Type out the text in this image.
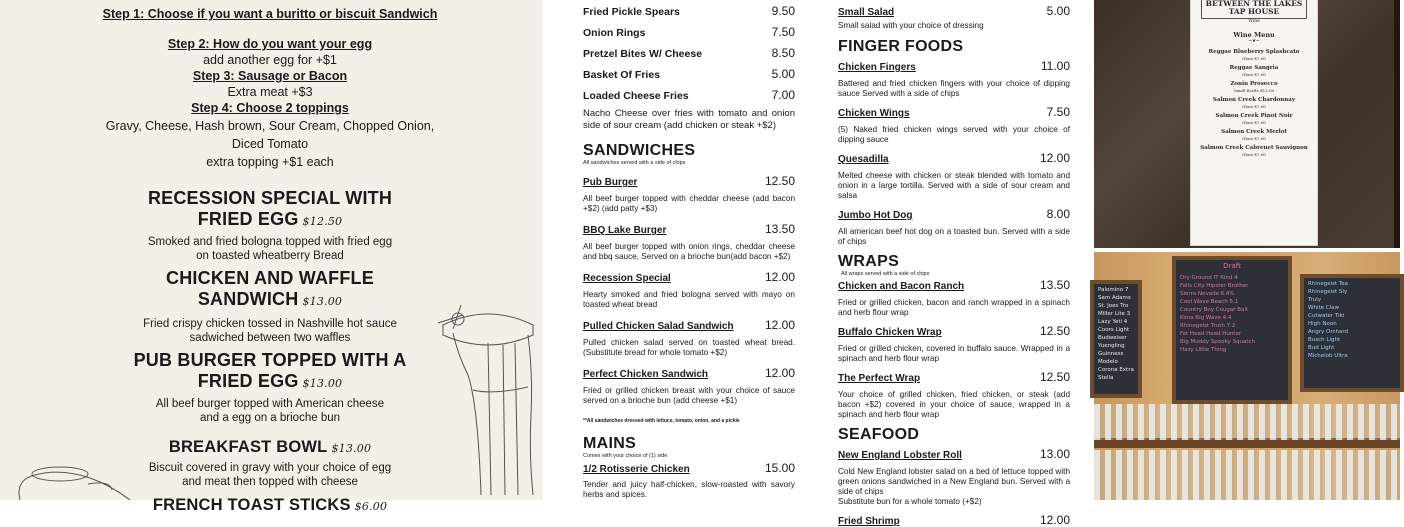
Step 1: Choose if you want a buritto or biscuit Sandwich
Step 2: How do you want your egg
add another egg for +$1
Step 3: Sausage or Bacon
Extra meat +$3
Step 4: Choose 2 toppings
Gravy, Cheese, Hash brown, Sour Cream, Chopped Onion,
Diced Tomato
extra topping +$1 each
RECESSION SPECIAL WITH
FRIED EGG $12.50
Smoked and fried bologna topped with fried egg
on toasted wheatberry Bread
CHICKEN AND WAFFLE
SANDWICH $13.00
Fried crispy chicken tossed in Nashville hot sauce
sadwiched between two waffles
PUB BURGER TOPPED WITH A
FRIED EGG $13.00
All beef burger topped with American cheese
and a egg on a brioche bun
BREAKFAST BOWL $13.00
Biscuit covered in gravy with your choice of egg
and meat then topped with cheese
FRENCH TOAST STICKS $6.00
Fried Pickle Spears	9.50
Onion Rings	7.50
Pretzel Bites W/ Cheese	8.50
Basket Of Fries	5.00
Loaded Cheese Fries	7.00
Nacho Cheese over fries with tomato and onion side of sour cream (add chicken or steak +$2)
SANDWICHES
All sandwiches served with a side of chips
Pub Burger	12.50
All beef burger topped with cheddar cheese (add bacon +$2) (add patty +$3)
BBQ Lake Burger	13.50
All beef burger topped with onion rings, cheddar cheese and bbq sauce, Served on a brioche bun(add bacon +$2)
Recession Special	12.00
Hearty smoked and fried bologna served with mayo on toasted wheat bread
Pulled Chicken Salad Sandwich	12.00
Pulled chicken salad served on toasted wheat bread. (Substitute bread for whole tomato +$2)
Perfect Chicken Sandwich	12.00
Fried or grilled chicken breast with your choice of sauce served on a brioche bun (add cheese +$1)
**All sandwiches dressed with lettuce, tomato, onion, and a pickle
MAINS
Comes with your choice of (1) side
1/2 Rotisserie Chicken	15.00
Tender and juicy half-chicken, slow-roasted with savory herbs and spices.
Small Salad	5.00
Small salad with your choice of dressing
FINGER FOODS
Chicken Fingers	11.00
Battered and fried chicken fingers with your choice of dipping sauce Served with a side of chips
Chicken Wings	7.50
(5) Naked fried chicken wings served with your choice of dipping sauce
Quesadilla	12.00
Melted cheese with chicken or steak blended with tomato and onion in a large tortilla. Served with a side of sour cream and salsa
Jumbo Hot Dog	8.00
All american beef hot dog on a toasted bun. Served with a side of chips
WRAPS
All wraps served with a side of chips
Chicken and Bacon Ranch	13.50
Fried or grilled chicken, bacon and ranch wrapped in a spinach and herb flour wrap
Buffalo Chicken Wrap	12.50
Fried or grilled chicken, covered in buffalo sauce. Wrapped in a spinach and herb flour wrap
The Perfect Wrap	12.50
Your choice of grilled chicken, fried chicken, or steak (add bacon +$2) covered in your choice of sauce, wrapped in a spinach and herb flour wrap
SEAFOOD
New England Lobster Roll	13.00
Cold New England lobster salad on a bed of lettuce topped with green onions sandwiched in a New England bun. Served with a side of chips
Substitute bun for a whole tomato (+$2)
Fried Shrimp	12.00
BETWEEN THE LAKES TAP HOUSE
Wine
Wine Menu
~❦~
Reggae Blueberry Splashcato
Glass $7.00
Reggae Sangria
Glass $7.00
Zonin Prosecco
Small Bottle $12.00
Salmon Creek Chardonnay
Glass $7.00
Salmon Creek Pinot Noir
Glass $7.00
Salmon Creek Merlot
Glass $7.00
Salmon Creek Cabrenet Sauvignon
Glass $7.00
Palomino 7
Sam Adams
St. Joes Tro
Miller Lite 3
Lazy Yeti 4
Coors Light
Budweiser
Yuengling
Guinness
Modelo
Corona Extra
Stella
Draft
Dry Ground IT Kind 4
Falls City Hipster Brother
Sierra Nevada 6.4%
Cool Wave Beach 5.1
Country Boy Cougar Bait
Kona Big Wave 4.4
Rhinegeist Truth 7.2
Fat Head Head Hunter
Big Muddy Spooky Squatch
Hazy Little Thing
Rhinegeist Tea
Rhinegeist Sly
Truly
White Claw
Cutwater Tiki
High Noon
Angry Orchard
Busch Light
Bud Light
Michelob Ultra
